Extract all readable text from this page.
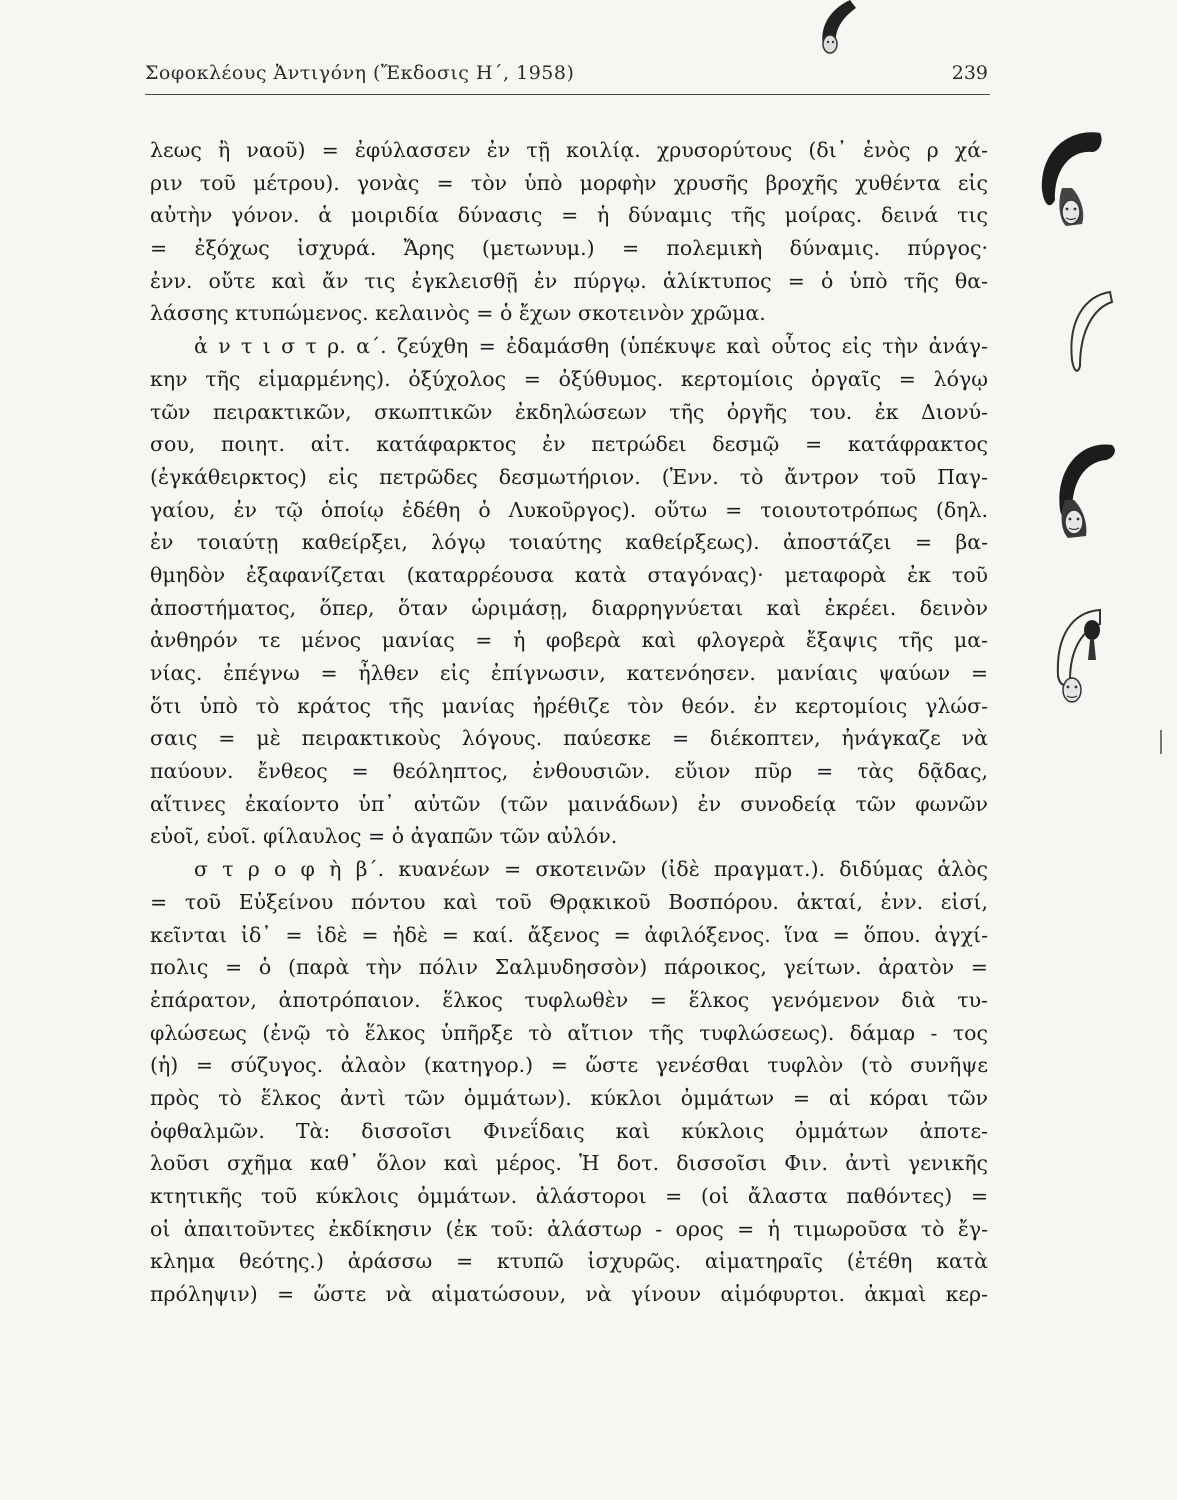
Σοφοκλέους Ἀντιγόνη (Ἔκδοσις Η΄, 1958)	239
λεως ἢ ναοῦ) = ἐφύλασσεν ἐν τῇ κοιλίᾳ. χρυσορύτους (δι᾽ ἑνὸς ρ χά-
ριν τοῦ μέτρου). γονὰς = τὸν ὑπὸ μορφὴν χρυσῆς βροχῆς χυθέντα εἰς
αὐτὴν γόνον. ἁ μοιριδία δύνασις = ἡ δύναμις τῆς μοίρας. δεινά τις
= ἐξόχως ἰσχυρά. Ἄρης (μετωνυμ.) = πολεμικὴ δύναμις. πύργος·
ἐνν. οὔτε καὶ ἄν τις ἐγκλεισθῇ ἐν πύργῳ. ἁλίκτυπος = ὁ ὑπὸ τῆς θα-
λάσσης κτυπώμενος. κελαινὸς = ὁ ἔχων σκοτεινὸν χρῶμα.
ἀ ν τ ι σ τ ρ. α΄. ζεύχθη = ἐδαμάσθη (ὑπέκυψε καὶ οὗτος εἰς τὴν ἀνάγ-
κην τῆς εἱμαρμένης). ὀξύχολος = ὀξύθυμος. κερτομίοις ὀργαῖς = λόγῳ
τῶν πειρακτικῶν, σκωπτικῶν ἐκδηλώσεων τῆς ὀργῆς του. ἐκ Διονύ-
σου, ποιητ. αἰτ. κατάφαρκτος ἐν πετρώδει δεσμῷ = κατάφρακτος
(ἐγκάθειρκτος) εἰς πετρῶδες δεσμωτήριον. (Ἐνν. τὸ ἄντρον τοῦ Παγ-
γαίου, ἐν τῷ ὁποίῳ ἐδέθη ὁ Λυκοῦργος). οὕτω = τοιουτοτρόπως (δηλ.
ἐν τοιαύτῃ καθείρξει, λόγῳ τοιαύτης καθείρξεως). ἀποστάζει = βα-
θμηδὸν ἐξαφανίζεται (καταρρέουσα κατὰ σταγόνας)· μεταφορὰ ἐκ τοῦ
ἀποστήματος, ὅπερ, ὅταν ὡριμάσῃ, διαρρηγνύεται καὶ ἐκρέει. δεινὸν
ἀνθηρόν τε μένος μανίας = ἡ φοβερὰ καὶ φλογερὰ ἔξαψις τῆς μα-
νίας. ἐπέγνω = ἦλθεν εἰς ἐπίγνωσιν, κατενόησεν. μανίαις ψαύων =
ὅτι ὑπὸ τὸ κράτος τῆς μανίας ἠρέθιζε τὸν θεόν. ἐν κερτομίοις γλώσ-
σαις = μὲ πειρακτικοὺς λόγους. παύεσκε = διέκοπτεν, ἠνάγκαζε νὰ
παύουν. ἔνθεος = θεόληπτος, ἐνθουσιῶν. εὔιον πῦρ = τὰς δᾷδας,
αἵτινες ἐκαίοντο ὑπ᾽ αὐτῶν (τῶν μαινάδων) ἐν συνοδείᾳ τῶν φωνῶν
εὐοῖ, εὐοῖ. φίλαυλος = ὁ ἀγαπῶν τῶν αὐλόν.
σ τ ρ ο φ ὴ β΄. κυανέων = σκοτεινῶν (ἰδὲ πραγματ.). διδύμας ἁλὸς
= τοῦ Εὐξείνου πόντου καὶ τοῦ Θρᾳκικοῦ Βοσπόρου. ἀκταί, ἐνν. εἰσί,
κεῖνται ἰδ᾽ = ἰδὲ = ἠδὲ = καί. ἄξενος = ἀφιλόξενος. ἵνα = ὅπου. ἀγχί-
πολις = ὁ (παρὰ τὴν πόλιν Σαλμυδησσὸν) πάροικος, γείτων. ἀρατὸν =
ἐπάρατον, ἀποτρόπαιον. ἕλκος τυφλωθὲν = ἕλκος γενόμενον διὰ τυ-
φλώσεως (ἐνῷ τὸ ἕλκος ὑπῆρξε τὸ αἴτιον τῆς τυφλώσεως). δάμαρ - τος
(ἡ) = σύζυγος. ἀλαὸν (κατηγορ.) = ὥστε γενέσθαι τυφλὸν (τὸ συνῆψε
πρὸς τὸ ἕλκος ἀντὶ τῶν ὀμμάτων). κύκλοι ὀμμάτων = αἱ κόραι τῶν
ὀφθαλμῶν. Τὰ: δισσοῖσι Φινεΐδαις καὶ κύκλοις ὀμμάτων ἀποτε-
λοῦσι σχῆμα καθ᾽ ὅλον καὶ μέρος. Ἡ δοτ. δισσοῖσι Φιν. ἀντὶ γενικῆς
κτητικῆς τοῦ κύκλοις ὀμμάτων. ἀλάστοροι = (οἱ ἄλαστα παθόντες) =
οἱ ἀπαιτοῦντες ἐκδίκησιν (ἐκ τοῦ: ἀλάστωρ - ορος = ἡ τιμωροῦσα τὸ ἔγ-
κλημα θεότης.) ἀράσσω = κτυπῶ ἰσχυρῶς. αἱματηραῖς (ἐτέθη κατὰ
πρόληψιν) = ὥστε νὰ αἱματώσουν, νὰ γίνουν αἱμόφυρτοι. ἀκμαὶ κερ-
